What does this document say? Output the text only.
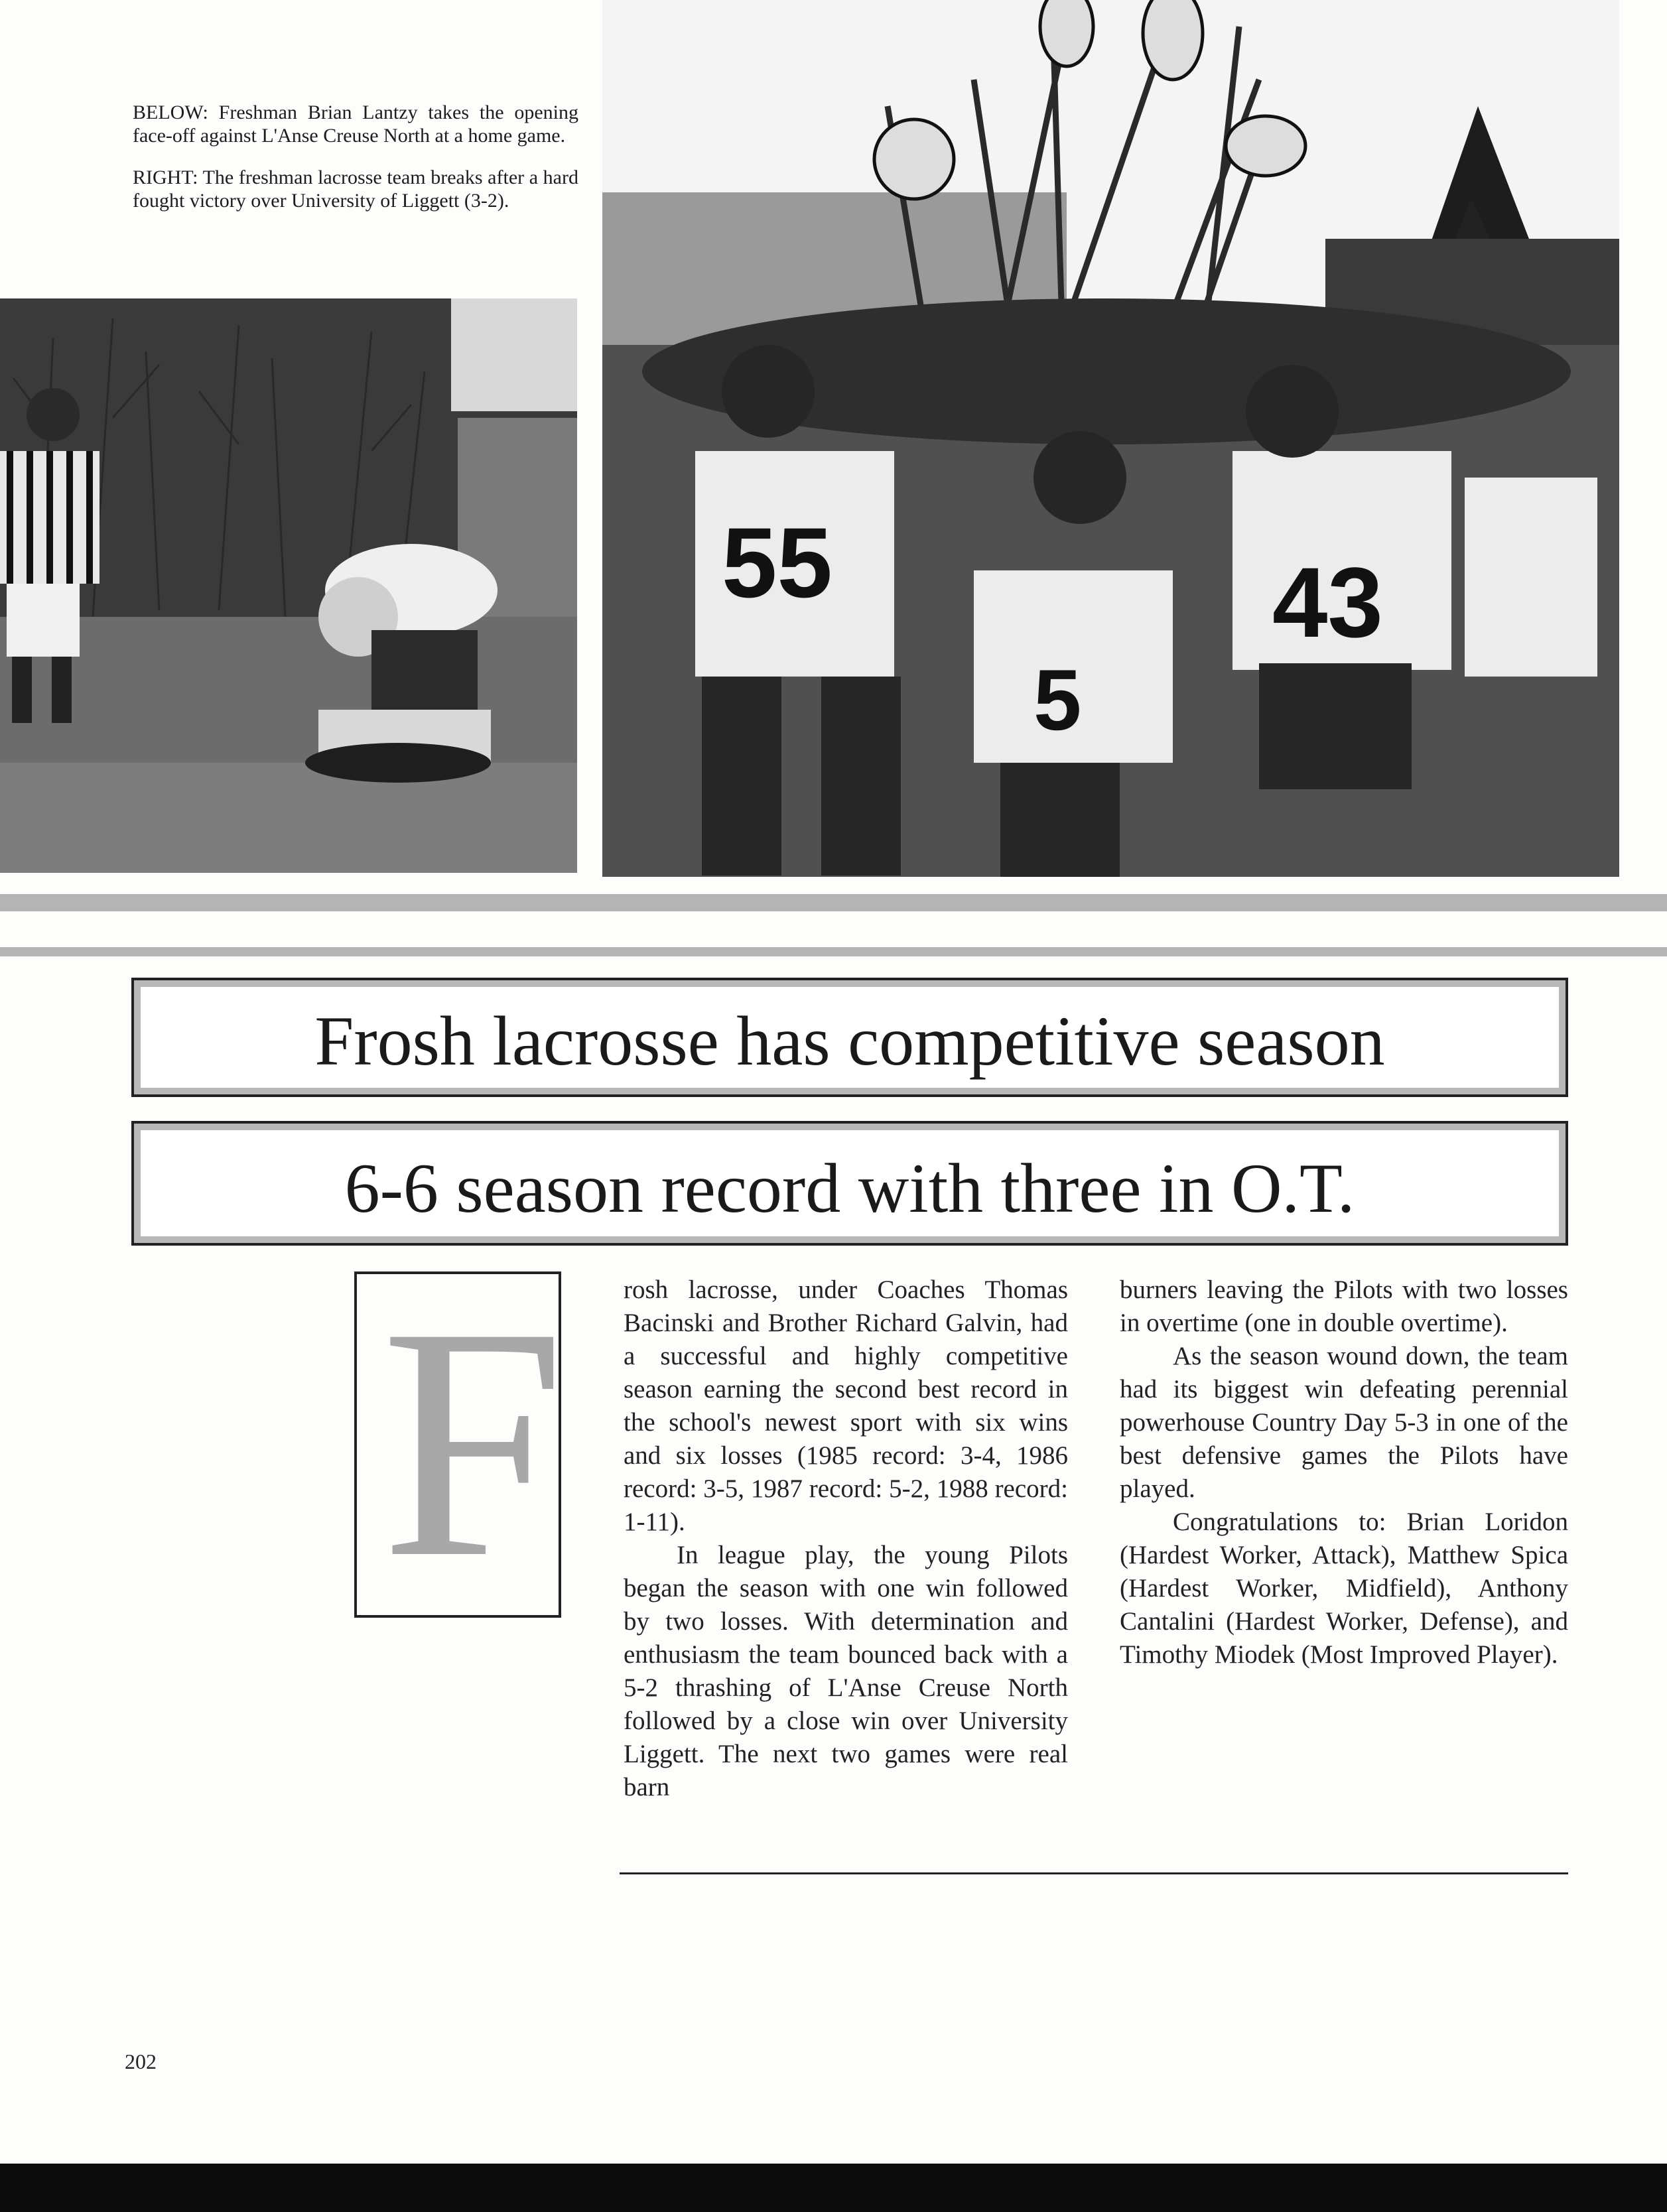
BELOW: Freshman Brian Lantzy takes the opening face-off against L'Anse Creuse North at a home game.

RIGHT: The freshman lacrosse team breaks after a hard fought victory over University of Liggett (3-2).

55	43
5
Frosh lacrosse has competitive season
6-6 season record with three in O.T.
F rosh lacrosse, under Coaches Thomas Bacinski and Brother Richard Galvin, had a successful and highly competitive season earning the second best record in the school's newest sport with six wins and six losses (1985 record: 3-4, 1986 record: 3-5, 1987 record: 5-2, 1988 record: 1-11).

In league play, the young Pilots began the season with one win followed by two losses. With determination and enthusiasm the team bounced back with a 5-2 thrashing of L'Anse Creuse North followed by a close win over University Liggett. The next two games were real barn

burners leaving the Pilots with two losses in overtime (one in double overtime).

As the season wound down, the team had its biggest win defeating perennial powerhouse Country Day 5-3 in one of the best defensive games the Pilots have played.

Congratulations to: Brian Loridon (Hardest Worker, Attack), Matthew Spica (Hardest Worker, Midfield), Anthony Cantalini (Hardest Worker, Defense), and Timothy Miodek (Most Improved Player).

202
